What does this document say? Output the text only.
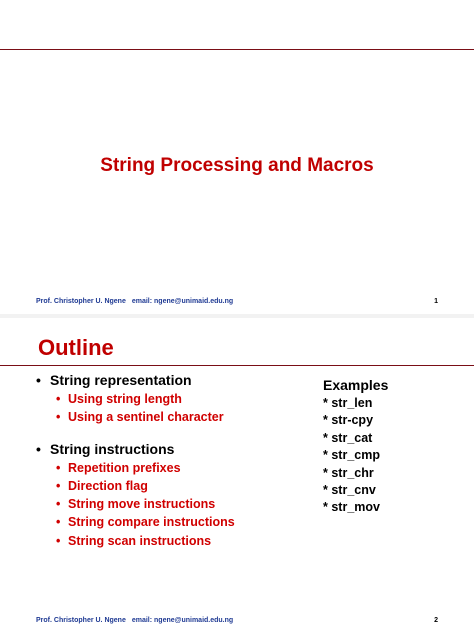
String Processing and Macros
Prof. Christopher U. Ngene email: ngene@unimaid.edu.ng	1
Outline
• String representation
• Using string length
• Using a sentinel character
• String instructions
• Repetition prefixes
• Direction flag
• String move instructions
• String compare instructions
• String scan instructions
Examples
* str_len
* str-cpy
* str_cat
* str_cmp
* str_chr
* str_cnv
* str_mov
Prof. Christopher U. Ngene email: ngene@unimaid.edu.ng	2
